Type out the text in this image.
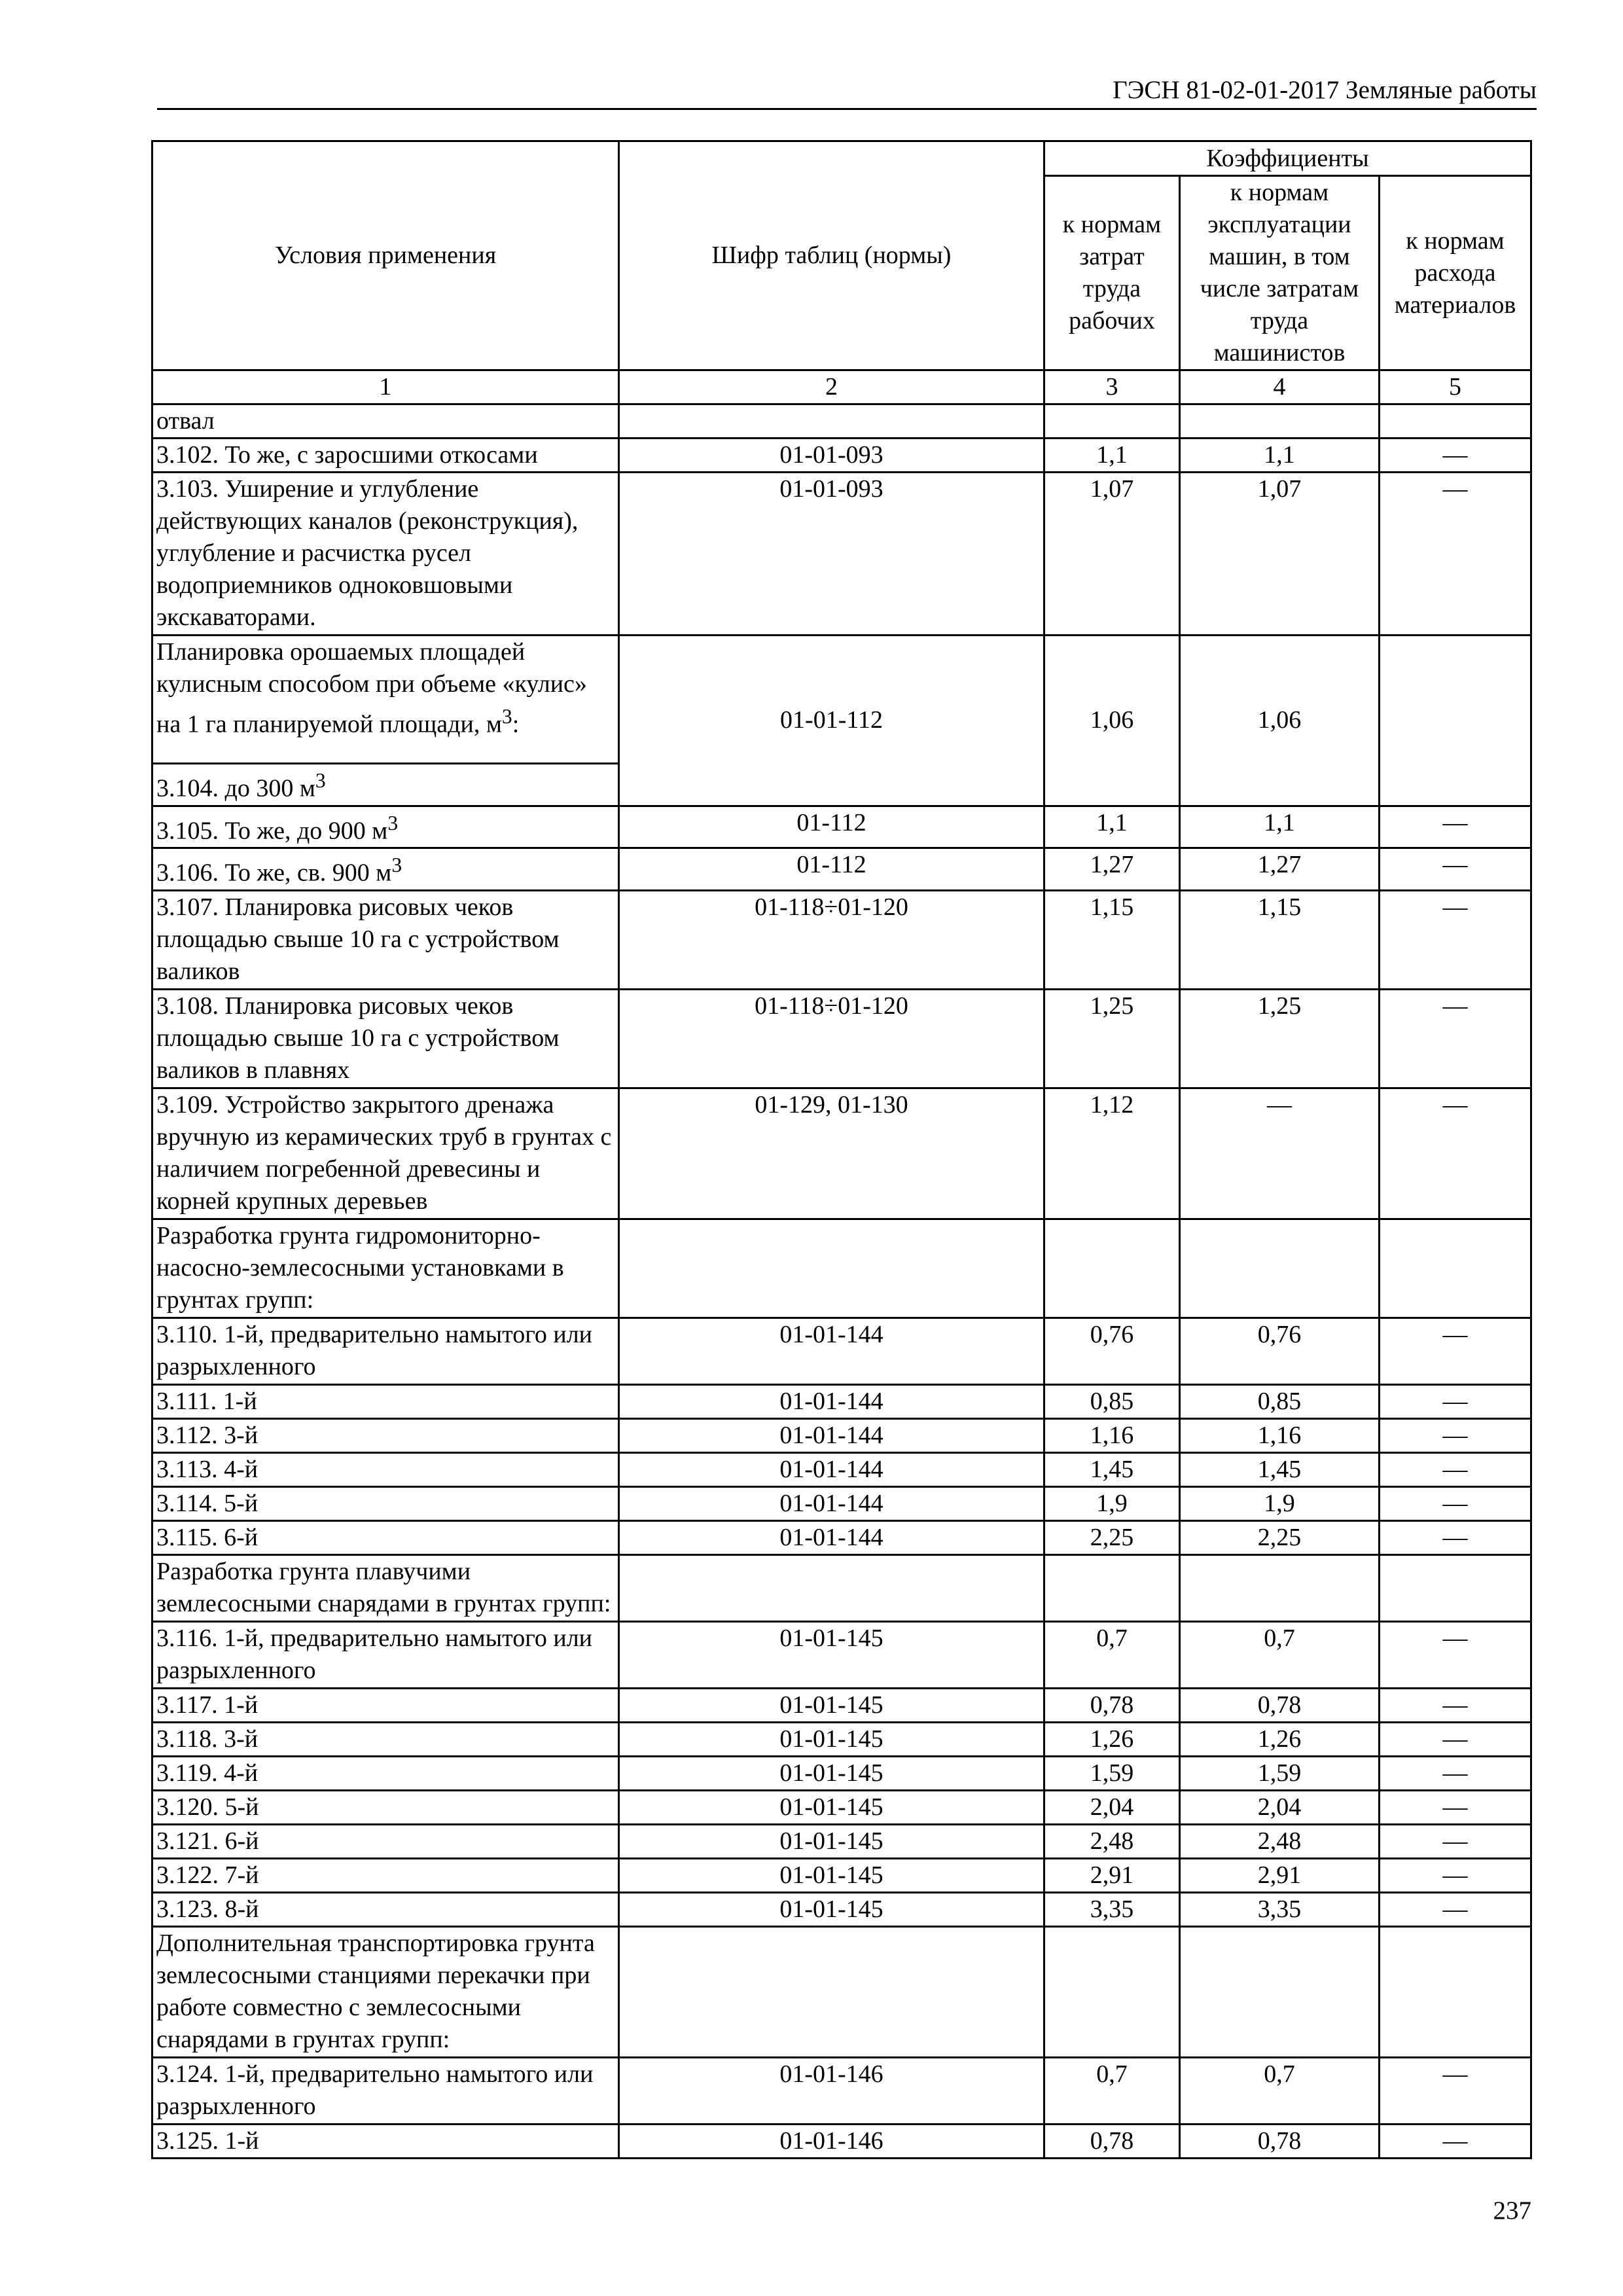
ГЭСН 81-02-01-2017 Земляные работы
Условия применения	Шифр таблиц (нормы)	Коэффициенты		
		к нормам затрат труда рабочих	к нормам эксплуатации машин, в том числе затратам труда машинистов	к нормам расхода материалов
1	2	3	4	5
отвал				
3.102. То же, с заросшими откосами	01-01-093	1,1	1,1	—
3.103. Уширение и углубление действующих каналов (реконструкция), углубление и расчистка русел водоприемников одноковшовыми экскаваторами.	01-01-093	1,07	1,07	—
Планировка орошаемых площадей кулисным способом при объеме «кулис» на 1 га планируемой площади, $м^3$:	01-01-112	1,06	1,06	
3.104. до 300 $м^3$
3.105. То же, до 900 $м^3$	01-112	1,1	1,1	—
3.106. То же, св. 900 $м^3$	01-112	1,27	1,27	—
3.107. Планировка рисовых чеков площадью свыше 10 га с устройством валиков	01-118÷01-120	1,15	1,15	—
3.108. Планировка рисовых чеков площадью свыше 10 га с устройством валиков в плавнях	01-118÷01-120	1,25	1,25	—
3.109. Устройство закрытого дренажа вручную из керамических труб в грунтах с наличием погребенной древесины и корней крупных деревьев	01-129, 01-130	1,12	—	—
Разработка грунта гидромониторно-насосно-землесосными установками в грунтах групп:				
3.110. 1-й, предварительно намытого или разрыхленного	01-01-144	0,76	0,76	—
3.111. 1-й	01-01-144	0,85	0,85	—
3.112. 3-й	01-01-144	1,16	1,16	—
3.113. 4-й	01-01-144	1,45	1,45	—
3.114. 5-й	01-01-144	1,9	1,9	—
3.115. 6-й	01-01-144	2,25	2,25	—
Разработка грунта плавучими землесосными снарядами в грунтах групп:				
3.116. 1-й, предварительно намытого или разрыхленного	01-01-145	0,7	0,7	—
3.117. 1-й	01-01-145	0,78	0,78	—
3.118. 3-й	01-01-145	1,26	1,26	—
3.119. 4-й	01-01-145	1,59	1,59	—
3.120. 5-й	01-01-145	2,04	2,04	—
3.121. 6-й	01-01-145	2,48	2,48	—
3.122. 7-й	01-01-145	2,91	2,91	—
3.123. 8-й	01-01-145	3,35	3,35	—
Дополнительная транспортировка грунта землесосными станциями перекачки при работе совместно с землесосными снарядами в грунтах групп:				
3.124. 1-й, предварительно намытого или разрыхленного	01-01-146	0,7	0,7	—
3.125. 1-й	01-01-146	0,78	0,78	—
237
